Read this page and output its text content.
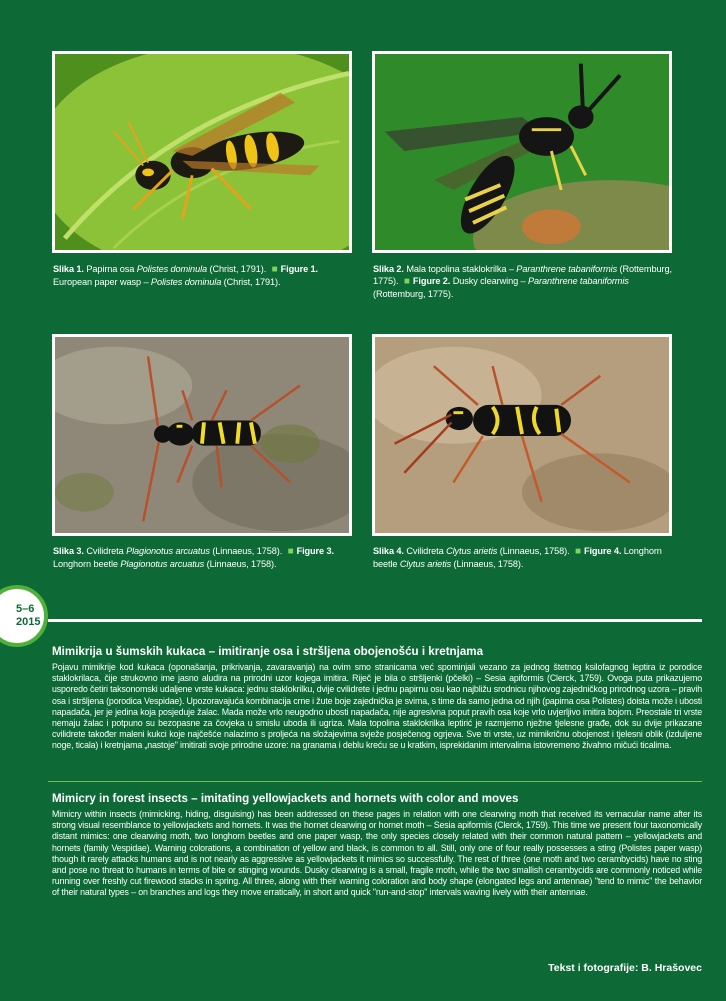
Slika 1. Papirna osa Polistes dominula (Christ, 1791). ■ Figure 1. European paper wasp – Polistes dominula (Christ, 1791).
Slika 2. Mala topolina staklokrilka – Paranthrene tabaniformis (Rottemburg, 1775). ■ Figure 2. Dusky clearwing – Paranthrene tabaniformis (Rottemburg, 1775).
Slika 3. Cvilidreta Plagionotus arcuatus (Linnaeus, 1758). ■ Figure 3. Longhorn beetle Plagionotus arcuatus (Linnaeus, 1758).
Slika 4. Cvilidreta Clytus arietis (Linnaeus, 1758). ■ Figure 4. Longhorn beetle Clytus arietis (Linnaeus, 1758).
5–6
2015
Mimikrija u šumskih kukaca – imitiranje osa i stršljena obojenošću i kretnjama
Pojavu mimikrije kod kukaca (oponašanja, prikrivanja, zavaravanja) na ovim smo stranicama već spominjali vezano za jednog štetnog ksilofagnog leptira iz porodice staklokrilaca, čije strukovno ime jasno aludira na prirodni uzor kojega imitira. Riječ je bila o stršljenki (pčelki) – Sesia apiformis (Clerck, 1759). Ovoga puta prikazujemo usporedo četiri taksonomski udaljene vrste kukaca: jednu staklokrilku, dvije cvilidrete i jednu papirnu osu kao najbližu srodnicu njihovog zajedničkog prirodnog uzora – pravih osa i stršljena (porodica Vespidae). Upozoravajuća kombinacija crne i žute boje zajednička je svima, s time da samo jedna od njih (papirna osa Polistes) doista može i ubosti napadača, jer je jedina koja posjeduje žalac. Mada može vrlo neugodno ubosti napadača, nije agresivna poput pravih osa koje vrlo uvjerljivo imitira bojom. Preostale tri vrste nemaju žalac i potpuno su bezopasne za čovjeka u smislu uboda ili ugriza. Mala topolina staklokrilka leptirić je razmjerno nježne tjelesne građe, dok su dvije prikazane cvilidrete također maleni kukci koje najčešće nalazimo s proljeća na složajevima svježe posječenog ogrjeva. Sve tri vrste, uz mimikričnu obojenost i tjelesni oblik (izduljene noge, ticala) i kretnjama „nastoje" imitirati svoje prirodne uzore: na granama i deblu kreću se u kratkim, isprekidanim intervalima istovremeno živahno mičući ticalima.
Mimicry in forest insects – imitating yellowjackets and hornets with color and moves
Mimicry within insects (mimicking, hiding, disguising) has been addressed on these pages in relation with one clearwing moth that received its vernacular name after its strong visual resemblance to yellowjackets and hornets. It was the hornet clearwing or hornet moth – Sesia apiformis (Clerck, 1759). This time we present four taxonomically distant mimics: one clearwing moth, two longhorn beetles and one paper wasp, the only species closely related with their common natural pattern – yellowjackets and hornets (family Vespidae). Warning colorations, a combination of yellow and black, is common to all. Still, only one of four really possesses a sting (Polistes paper wasp) though it rarely attacks humans and is not nearly as aggressive as yellowjackets it mimics so successfully. The rest of three (one moth and two cerambycids) have no sting and pose no threat to humans in terms of bite or stinging wounds. Dusky clearwing is a small, fragile moth, while the two smallish cerambycids are commonly noticed while running over freshly cut firewood stacks in spring. All three, along with their warning coloration and body shape (elongated legs and antennae) "tend to mimic" the behavior of their natural types – on branches and logs they move erratically, in short and quick "run-and-stop" intervals waving lively with their antennae.
Tekst i fotografije: B. Hrašovec
